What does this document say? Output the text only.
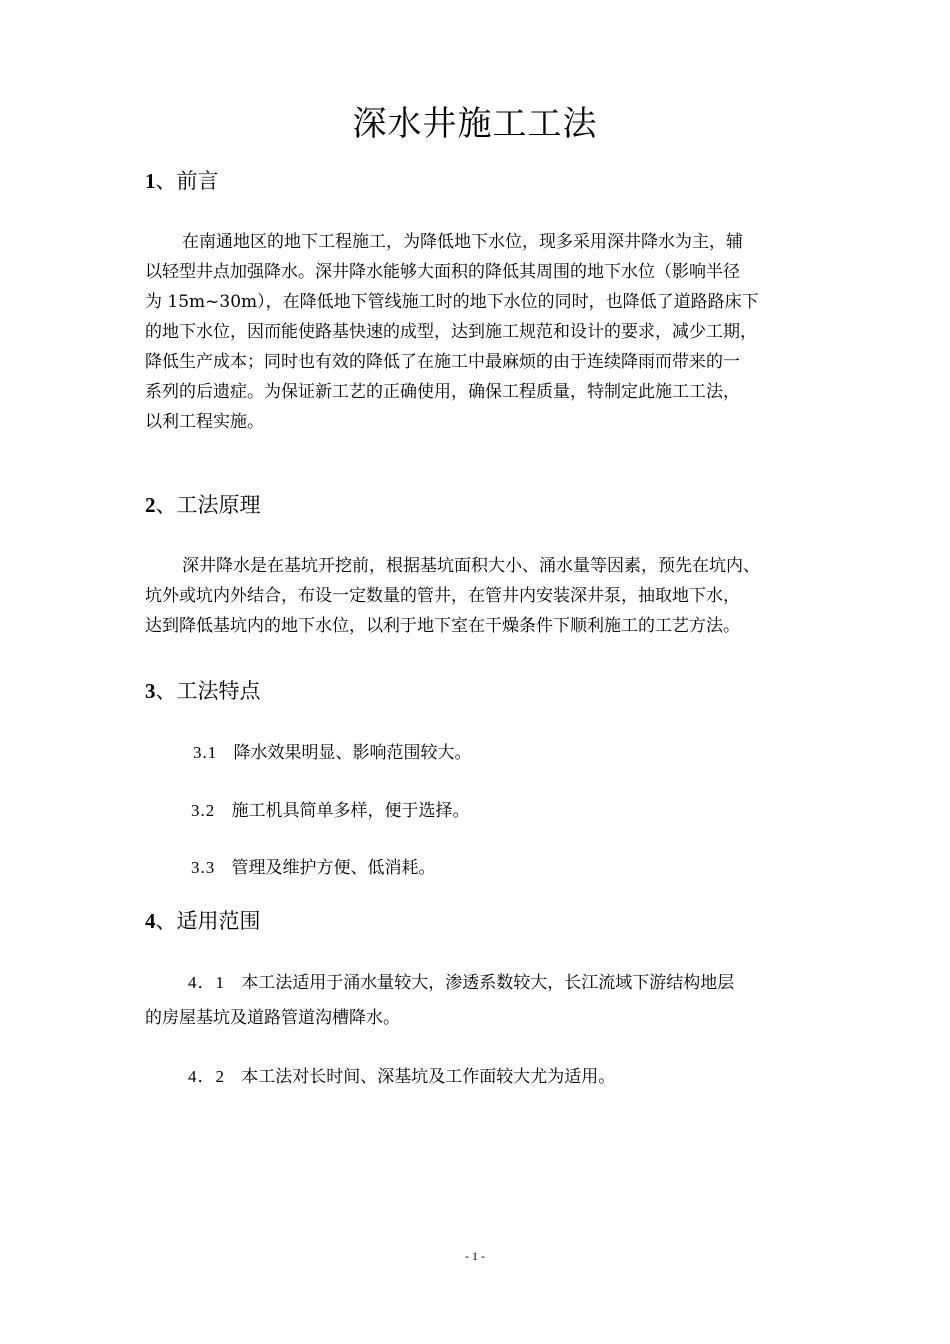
深水井施工工法
1、前言
在南通地区的地下工程施工，为降低地下水位，现多采用深井降水为主，辅
以轻型井点加强降水。深井降水能够大面积的降低其周围的地下水位（影响半径
为 15m~30m），在降低地下管线施工时的地下水位的同时，也降低了道路路床下
的地下水位，因而能使路基快速的成型，达到施工规范和设计的要求，减少工期，
降低生产成本；同时也有效的降低了在施工中最麻烦的由于连续降雨而带来的一
系列的后遗症。为保证新工艺的正确使用，确保工程质量，特制定此施工工法，
以利工程实施。
2、工法原理
深井降水是在基坑开挖前，根据基坑面积大小、涌水量等因素，预先在坑内、
坑外或坑内外结合，布设一定数量的管井，在管井内安装深井泵，抽取地下水，
达到降低基坑内的地下水位，以利于地下室在干燥条件下顺利施工的工艺方法。
3、工法特点
3.1 降水效果明显、影响范围较大。
3.2 施工机具简单多样，便于选择。
3.3 管理及维护方便、低消耗。
4、适用范围
4．1 本工法适用于涌水量较大，渗透系数较大，长江流域下游结构地层
的房屋基坑及道路管道沟槽降水。
4．2 本工法对长时间、深基坑及工作面较大尤为适用。
- 1 -
